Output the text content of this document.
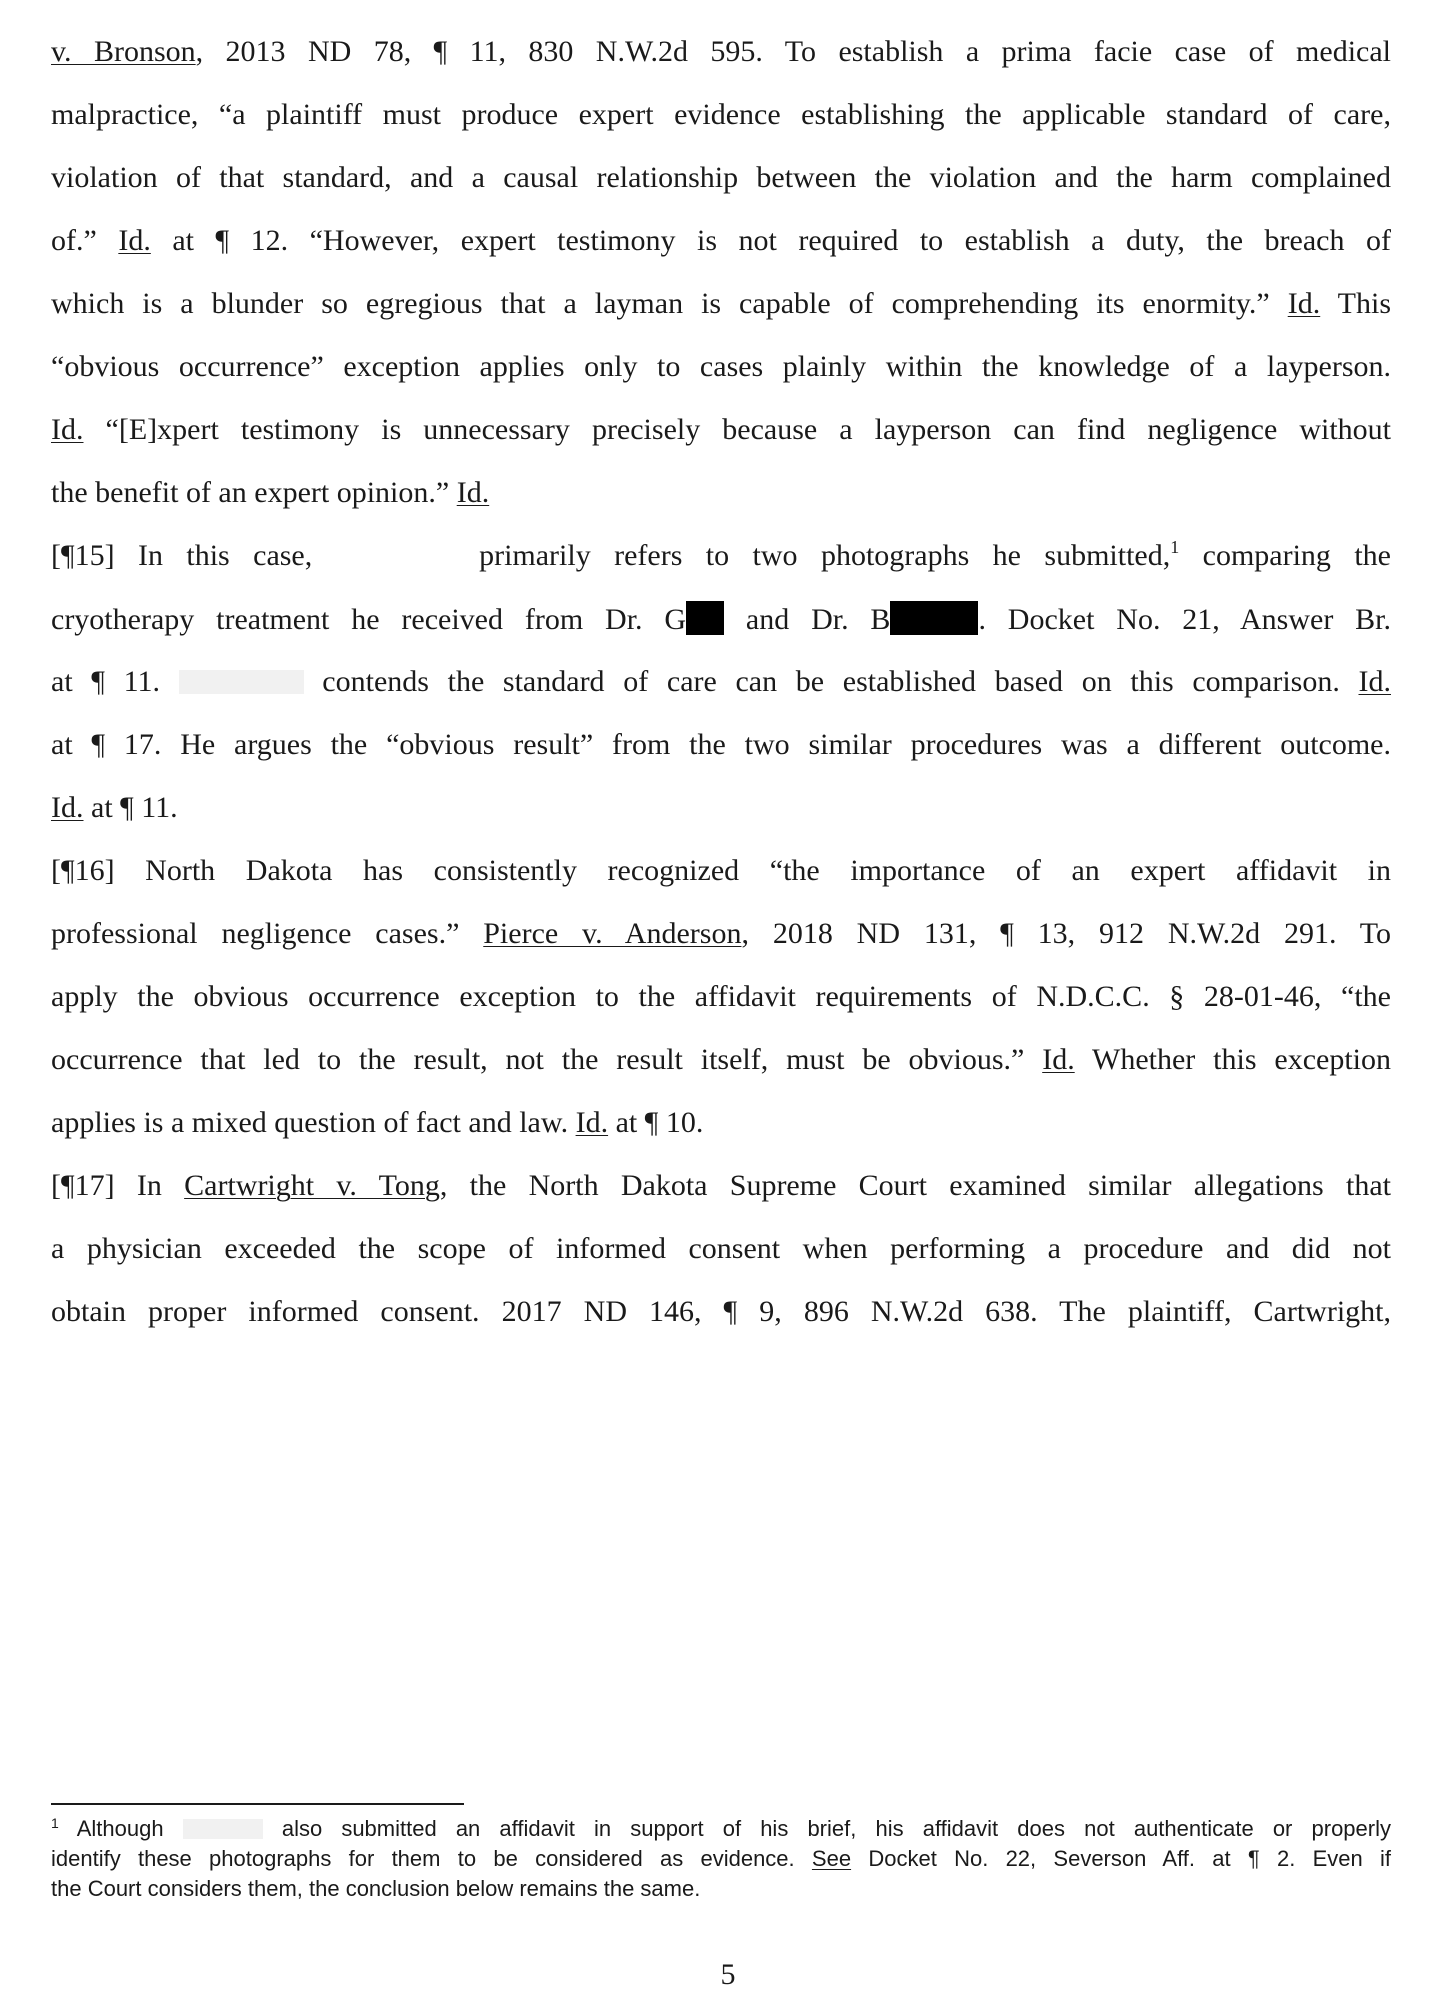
v. Bronson, 2013 ND 78, ¶ 11, 830 N.W.2d 595. To establish a prima facie case of medical
malpractice, “a plaintiff must produce expert evidence establishing the applicable standard of care,
violation of that standard, and a causal relationship between the violation and the harm complained
of.” Id. at ¶ 12. “However, expert testimony is not required to establish a duty, the breach of
which is a blunder so egregious that a layman is capable of comprehending its enormity.” Id. This
“obvious occurrence” exception applies only to cases plainly within the knowledge of a layperson.
Id. “[E]xpert testimony is unnecessary precisely because a layperson can find negligence without
the benefit of an expert opinion.” Id.
[¶15] In this case,	primarily refers to two photographs he submitted,$^1$ comparing the
cryotherapy treatment he received from Dr. G and Dr. B	. Docket No. 21, Answer Br.
at ¶ 11.	contends the standard of care can be established based on this comparison. Id.
at ¶ 17. He argues the “obvious result” from the two similar procedures was a different outcome.
Id. at ¶ 11.
[¶16] North Dakota has consistently recognized “the importance of an expert affidavit in
professional negligence cases.” Pierce v. Anderson, 2018 ND 131, ¶ 13, 912 N.W.2d 291. To
apply the obvious occurrence exception to the affidavit requirements of N.D.C.C. § 28-01-46, “the
occurrence that led to the result, not the result itself, must be obvious.” Id. Whether this exception
applies is a mixed question of fact and law. Id. at ¶ 10.
[¶17] In Cartwright v. Tong, the North Dakota Supreme Court examined similar allegations that
a physician exceeded the scope of informed consent when performing a procedure and did not
obtain proper informed consent. 2017 ND 146, ¶ 9, 896 N.W.2d 638. The plaintiff, Cartwright,
$^1$ Although	also submitted an affidavit in support of his brief, his affidavit does not authenticate or properly
identify these photographs for them to be considered as evidence. See Docket No. 22, Severson Aff. at ¶ 2. Even if
the Court considers them, the conclusion below remains the same.
5
